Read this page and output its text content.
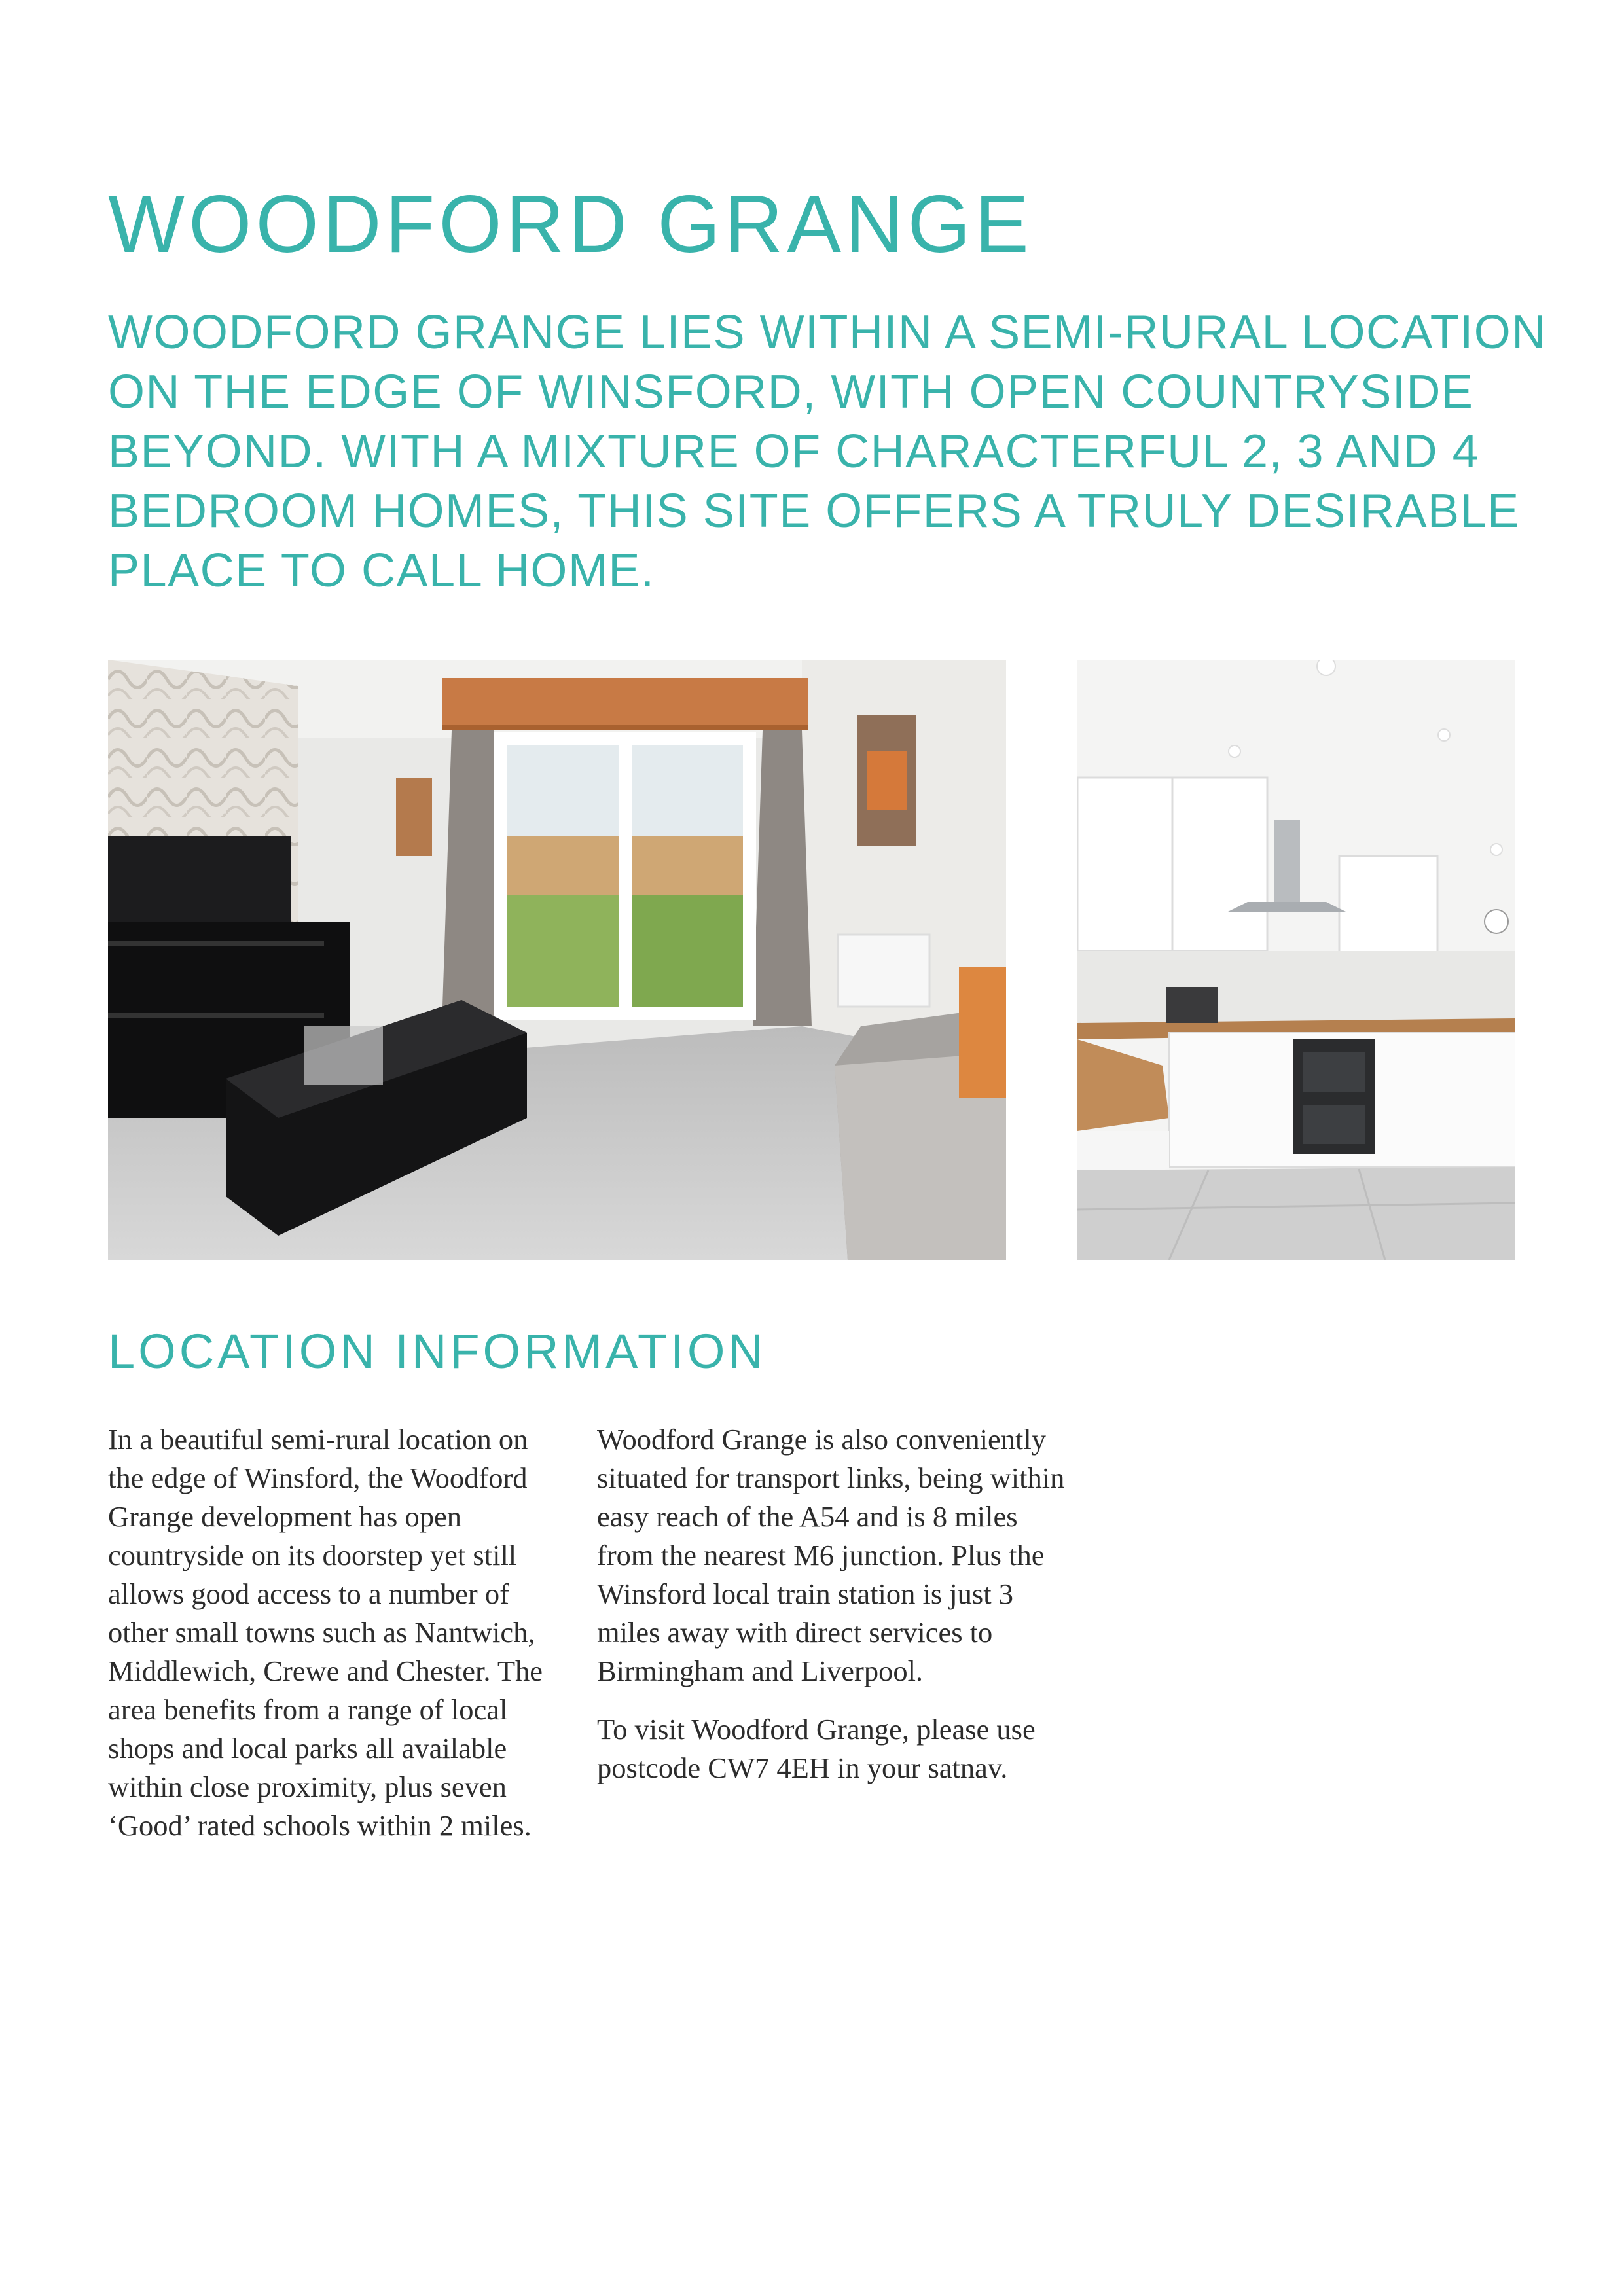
WOODFORD GRANGE

WOODFORD GRANGE LIES WITHIN A SEMI-RURAL LOCATION ON THE EDGE OF WINSFORD, WITH OPEN COUNTRYSIDE BEYOND. WITH A MIXTURE OF CHARACTERFUL 2, 3 AND 4 BEDROOM HOMES, THIS SITE OFFERS A TRULY DESIRABLE PLACE TO CALL HOME.

LOCATION INFORMATION

In a beautiful semi-rural location on the edge of Winsford, the Woodford Grange development has open countryside on its doorstep yet still allows good access to a number of other small towns such as Nantwich, Middlewich, Crewe and Chester. The area benefits from a range of local shops and local parks all available within close proximity, plus seven ‘Good’ rated schools within 2 miles.

Woodford Grange is also conveniently situated for transport links, being within easy reach of the A54 and is 8 miles from the nearest M6 junction. Plus the Winsford local train station is just 3 miles away with direct services to Birmingham and Liverpool.

To visit Woodford Grange, please use postcode CW7 4EH in your satnav.
